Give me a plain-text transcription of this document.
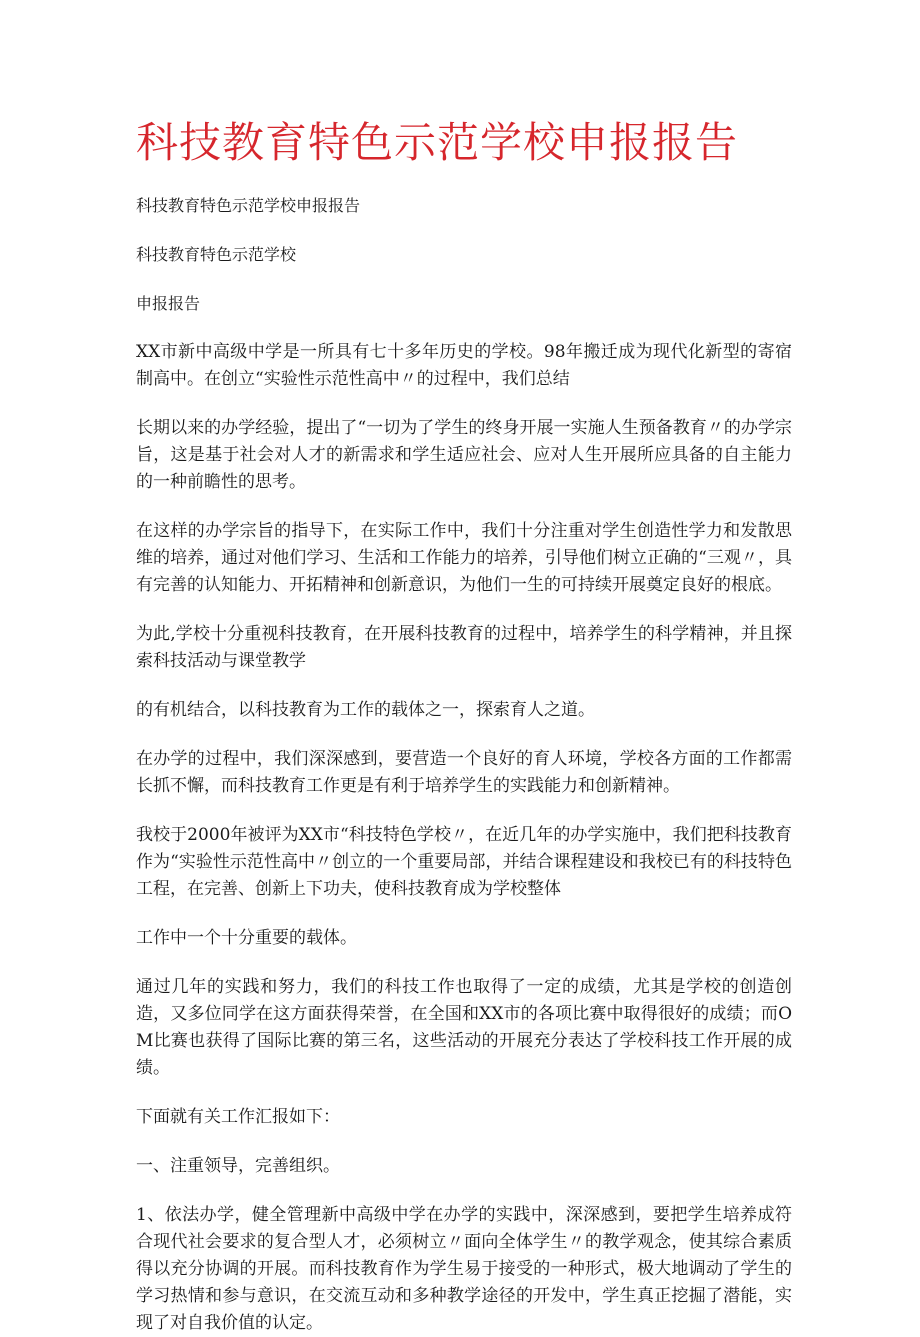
科技教育特色示范学校申报报告

科技教育特色示范学校申报报告

科技教育特色示范学校

申报报告

XX市新中高级中学是一所具有七十多年历史的学校。98年搬迁成为现代化新型的寄宿制高中。在创立“实验性示范性高中〃的过程中，我们总结

长期以来的办学经验，提出了“一切为了学生的终身开展一实施人生预备教育〃的办学宗旨，这是基于社会对人才的新需求和学生适应社会、应对人生开展所应具备的自主能力的一种前瞻性的思考。

在这样的办学宗旨的指导下，在实际工作中，我们十分注重对学生创造性学力和发散思维的培养，通过对他们学习、生活和工作能力的培养，引导他们树立正确的“三观〃，具有完善的认知能力、开拓精神和创新意识，为他们一生的可持续开展奠定良好的根底。

为此,学校十分重视科技教育，在开展科技教育的过程中，培养学生的科学精神，并且探索科技活动与课堂教学

的有机结合，以科技教育为工作的载体之一，探索育人之道。

在办学的过程中，我们深深感到，要营造一个良好的育人环境，学校各方面的工作都需长抓不懈，而科技教育工作更是有利于培养学生的实践能力和创新精神。

我校于2000年被评为XX市“科技特色学校〃，在近几年的办学实施中，我们把科技教育作为“实验性示范性高中〃创立的一个重要局部，并结合课程建设和我校已有的科技特色工程，在完善、创新上下功夫，使科技教育成为学校整体

工作中一个十分重要的载体。

通过几年的实践和努力，我们的科技工作也取得了一定的成绩，尤其是学校的创造创造，又多位同学在这方面获得荣誉，在全国和XX市的各项比赛中取得很好的成绩；而OM比赛也获得了国际比赛的第三名，这些活动的开展充分表达了学校科技工作开展的成绩。

下面就有关工作汇报如下：

一、注重领导，完善组织。

1、依法办学，健全管理新中高级中学在办学的实践中，深深感到，要把学生培养成符合现代社会要求的复合型人才，必须树立〃面向全体学生〃的教学观念，使其综合素质得以充分协调的开展。而科技教育作为学生易于接受的一种形式，极大地调动了学生的学习热情和参与意识，在交流互动和多种教学途径的开发中，学生真正挖掘了潜能，实现了对自我价值的认定。
